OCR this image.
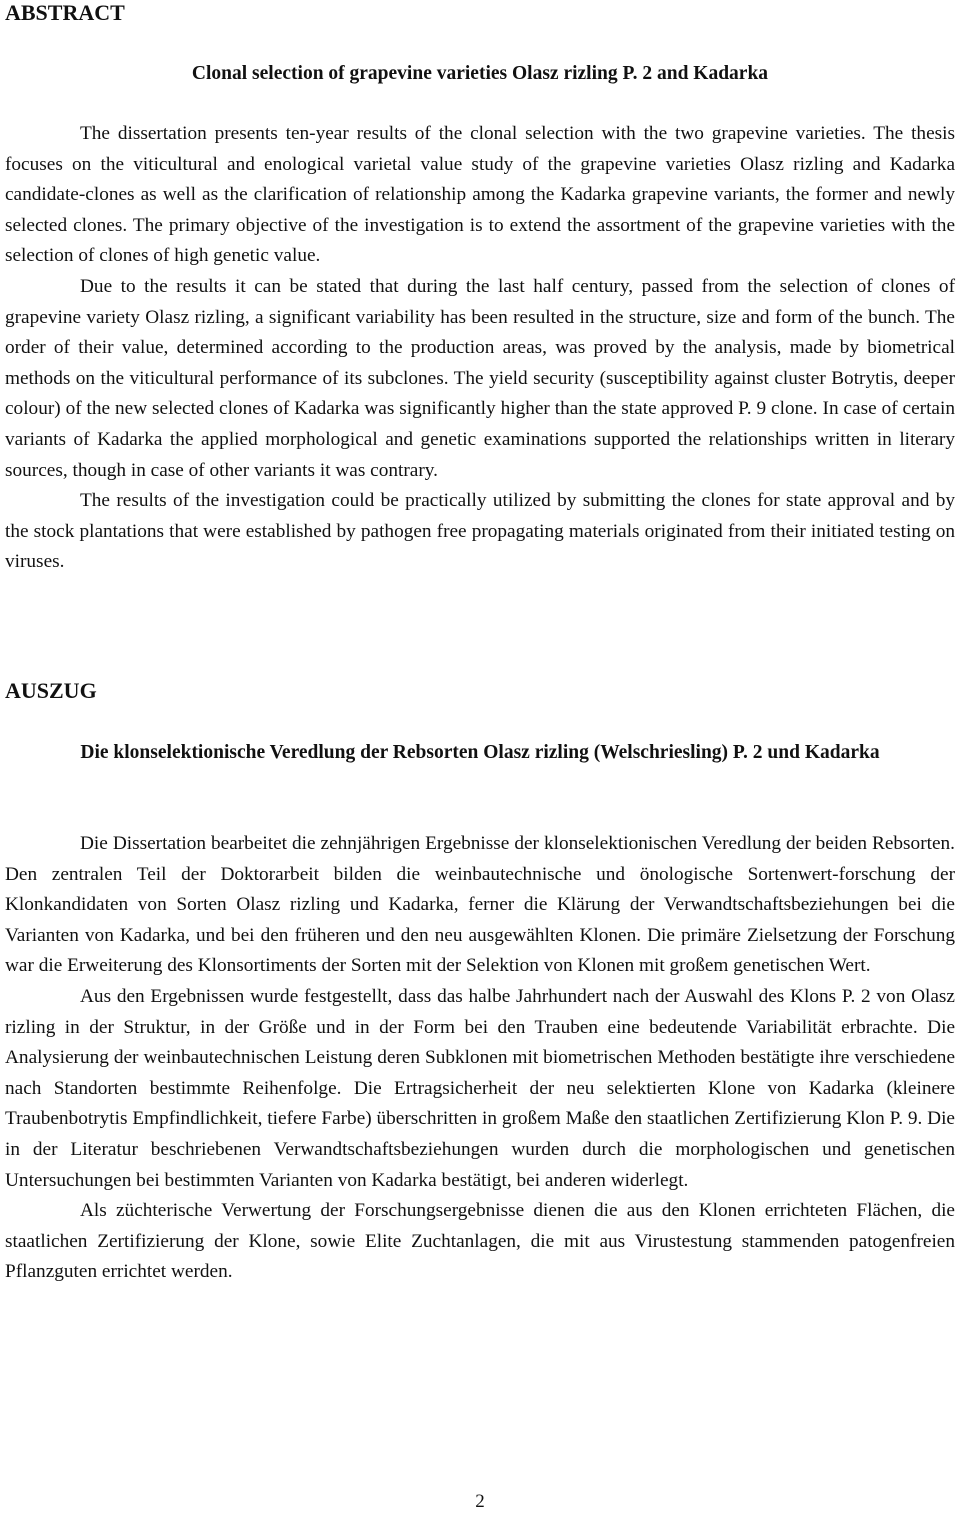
ABSTRACT
Clonal selection of grapevine varieties Olasz rizling P. 2 and Kadarka

The dissertation presents ten-year results of the clonal selection with the two grapevine varieties. The thesis focuses on the viticultural and enological varietal value study of the grapevine varieties Olasz rizling and Kadarka candidate-clones as well as the clarification of relationship among the Kadarka grapevine variants, the former and newly selected clones. The primary objective of the investigation is to extend the assortment of the grapevine varieties with the selection of clones of high genetic value.

Due to the results it can be stated that during the last half century, passed from the selection of clones of grapevine variety Olasz rizling, a significant variability has been resulted in the structure, size and form of the bunch. The order of their value, determined according to the production areas, was proved by the analysis, made by biometrical methods on the viticultural performance of its subclones. The yield security (susceptibility against cluster Botrytis, deeper colour) of the new selected clones of Kadarka was significantly higher than the state approved P. 9 clone. In case of certain variants of Kadarka the applied morphological and genetic examinations supported the relationships written in literary sources, though in case of other variants it was contrary.

The results of the investigation could be practically utilized by submitting the clones for state approval and by the stock plantations that were established by pathogen free propagating materials originated from their initiated testing on viruses.

AUSZUG
Die klonselektionische Veredlung der Rebsorten Olasz rizling (Welschriesling) P. 2 und Kadarka

Die Dissertation bearbeitet die zehnjährigen Ergebnisse der klonselektionischen Veredlung der beiden Rebsorten. Den zentralen Teil der Doktorarbeit bilden die weinbautechnische und önologische Sortenwert-forschung der Klonkandidaten von Sorten Olasz rizling und Kadarka, ferner die Klärung der Verwandtschaftsbeziehungen bei die Varianten von Kadarka, und bei den früheren und den neu ausgewählten Klonen. Die primäre Zielsetzung der Forschung war die Erweiterung des Klonsortiments der Sorten mit der Selektion von Klonen mit großem genetischen Wert.

Aus den Ergebnissen wurde festgestellt, dass das halbe Jahrhundert nach der Auswahl des Klons P. 2 von Olasz rizling in der Struktur, in der Größe und in der Form bei den Trauben eine bedeutende Variabilität erbrachte. Die Analysierung der weinbautechnischen Leistung deren Subklonen mit biometrischen Methoden bestätigte ihre verschiedene nach Standorten bestimmte Reihenfolge. Die Ertragsicherheit der neu selektierten Klone von Kadarka (kleinere Traubenbotrytis Empfindlichkeit, tiefere Farbe) überschritten in großem Maße den staatlichen Zertifizierung Klon P. 9. Die in der Literatur beschriebenen Verwandtschaftsbeziehungen wurden durch die morphologischen und genetischen Untersuchungen bei bestimmten Varianten von Kadarka bestätigt, bei anderen widerlegt.

Als züchterische Verwertung der Forschungsergebnisse dienen die aus den Klonen errichteten Flächen, die staatlichen Zertifizierung der Klone, sowie Elite Zuchtanlagen, die mit aus Virustestung stammenden patogenfreien Pflanzguten errichtet werden.

2
